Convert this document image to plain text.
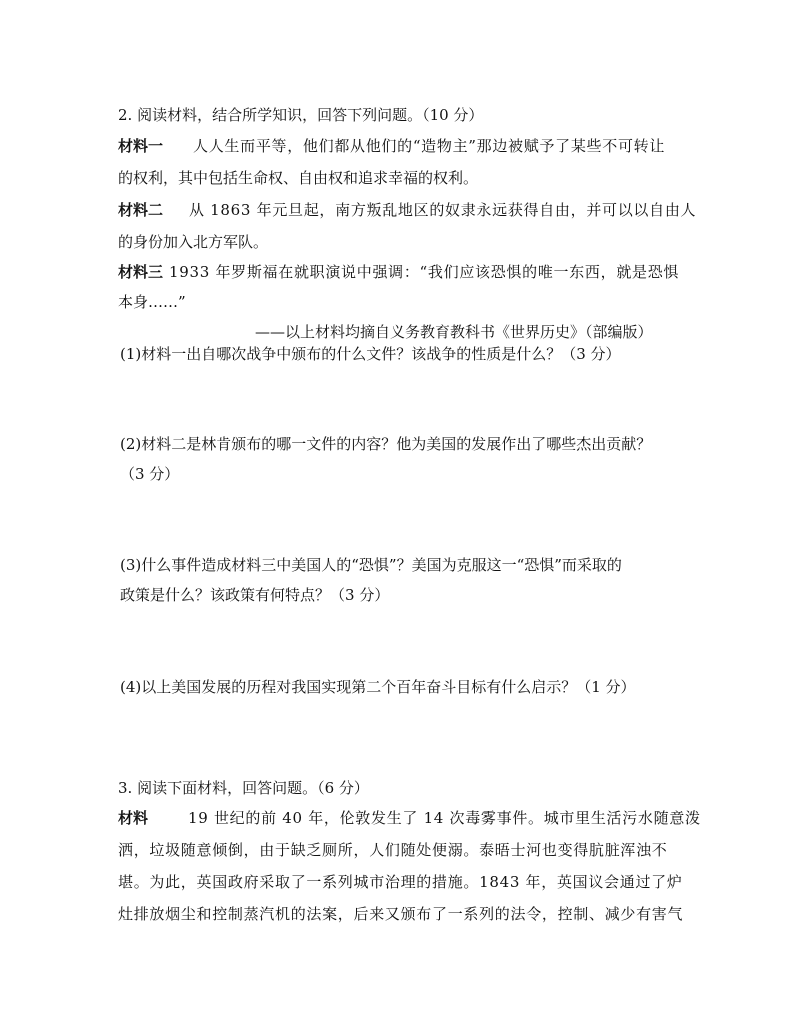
2. 阅读材料，结合所学知识，回答下列问题。（10 分）
材料一 人人生而平等，他们都从他们的“造物主”那边被赋予了某些不可转让
的权利，其中包括生命权、自由权和追求幸福的权利。
材料二 从 1863 年元旦起，南方叛乱地区的奴隶永远获得自由，并可以以自由人
的身份加入北方军队。
材料三 1933 年罗斯福在就职演说中强调：“我们应该恐惧的唯一东西，就是恐惧
本身……”
——以上材料均摘自义务教育教科书《世界历史》（部编版）
(1)材料一出自哪次战争中颁布的什么文件？该战争的性质是什么？（3 分）
(2)材料二是林肯颁布的哪一文件的内容？他为美国的发展作出了哪些杰出贡献？
（3 分）
(3)什么事件造成材料三中美国人的“恐惧”？美国为克服这一“恐惧”而采取的
政策是什么？该政策有何特点？（3 分）
(4)以上美国发展的历程对我国实现第二个百年奋斗目标有什么启示？（1 分）
3. 阅读下面材料，回答问题。（6 分）
材料	19 世纪的前 40 年，伦敦发生了 14 次毒雾事件。城市里生活污水随意泼
洒，垃圾随意倾倒，由于缺乏厕所，人们随处便溺。泰晤士河也变得肮脏浑浊不
堪。为此，英国政府采取了一系列城市治理的措施。1843 年，英国议会通过了炉
灶排放烟尘和控制蒸汽机的法案，后来又颁布了一系列的法令，控制、减少有害气
